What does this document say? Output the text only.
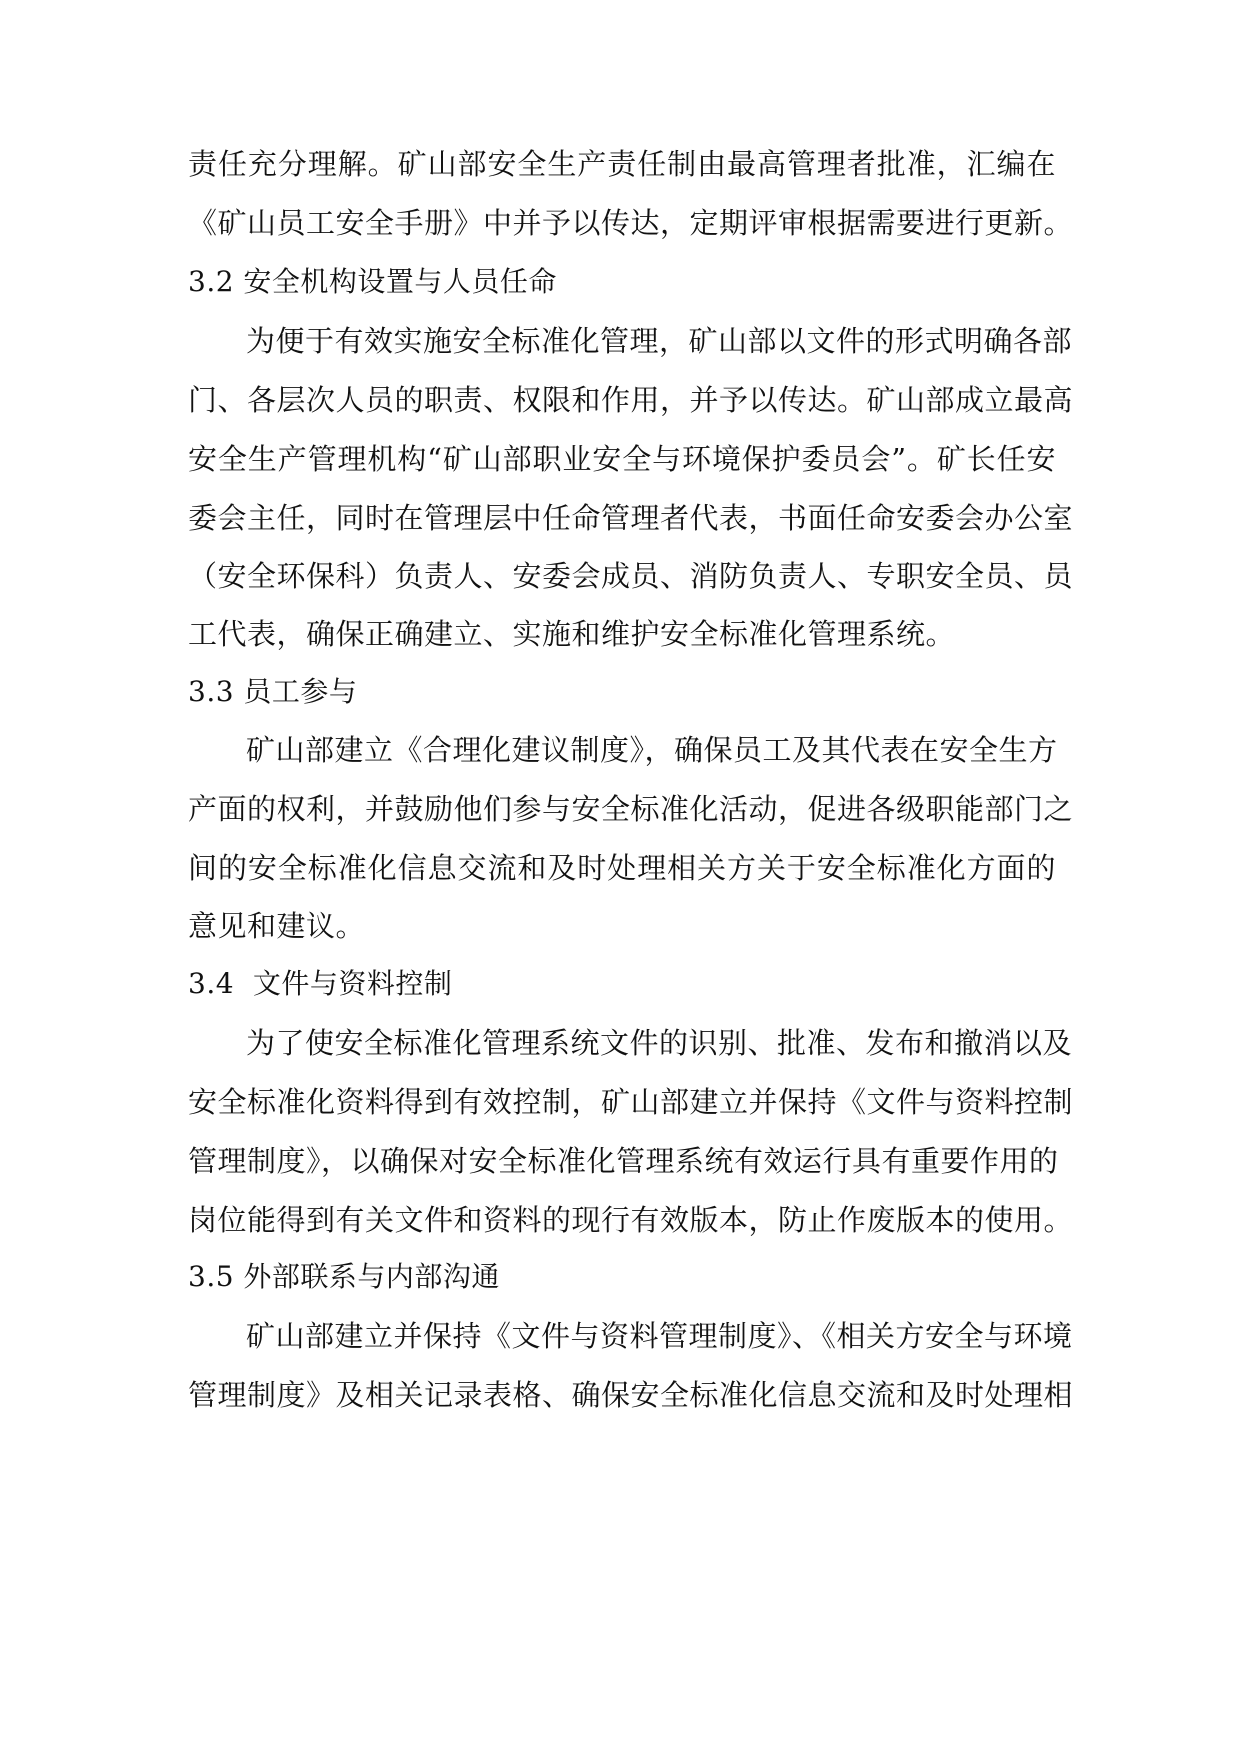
责任充分理解。矿山部安全生产责任制由最高管理者批准，汇编在
《矿山员工安全手册》中并予以传达，定期评审根据需要进行更新。
3.2 安全机构设置与人员任命
为便于有效实施安全标准化管理，矿山部以文件的形式明确各部
门、各层次人员的职责、权限和作用，并予以传达。矿山部成立最高
安全生产管理机构“矿山部职业安全与环境保护委员会”。矿长任安
委会主任，同时在管理层中任命管理者代表，书面任命安委会办公室
（安全环保科）负责人、安委会成员、消防负责人、专职安全员、员
工代表，确保正确建立、实施和维护安全标准化管理系统。
3.3 员工参与
矿山部建立《合理化建议制度》，确保员工及其代表在安全生方
产面的权利，并鼓励他们参与安全标准化活动，促进各级职能部门之
间的安全标准化信息交流和及时处理相关方关于安全标准化方面的
意见和建议。
3.4  文件与资料控制
为了使安全标准化管理系统文件的识别、批准、发布和撤消以及
安全标准化资料得到有效控制，矿山部建立并保持《文件与资料控制
管理制度》，以确保对安全标准化管理系统有效运行具有重要作用的
岗位能得到有关文件和资料的现行有效版本，防止作废版本的使用。
3.5 外部联系与内部沟通
矿山部建立并保持《文件与资料管理制度》、《相关方安全与环境
管理制度》及相关记录表格、确保安全标准化信息交流和及时处理相
